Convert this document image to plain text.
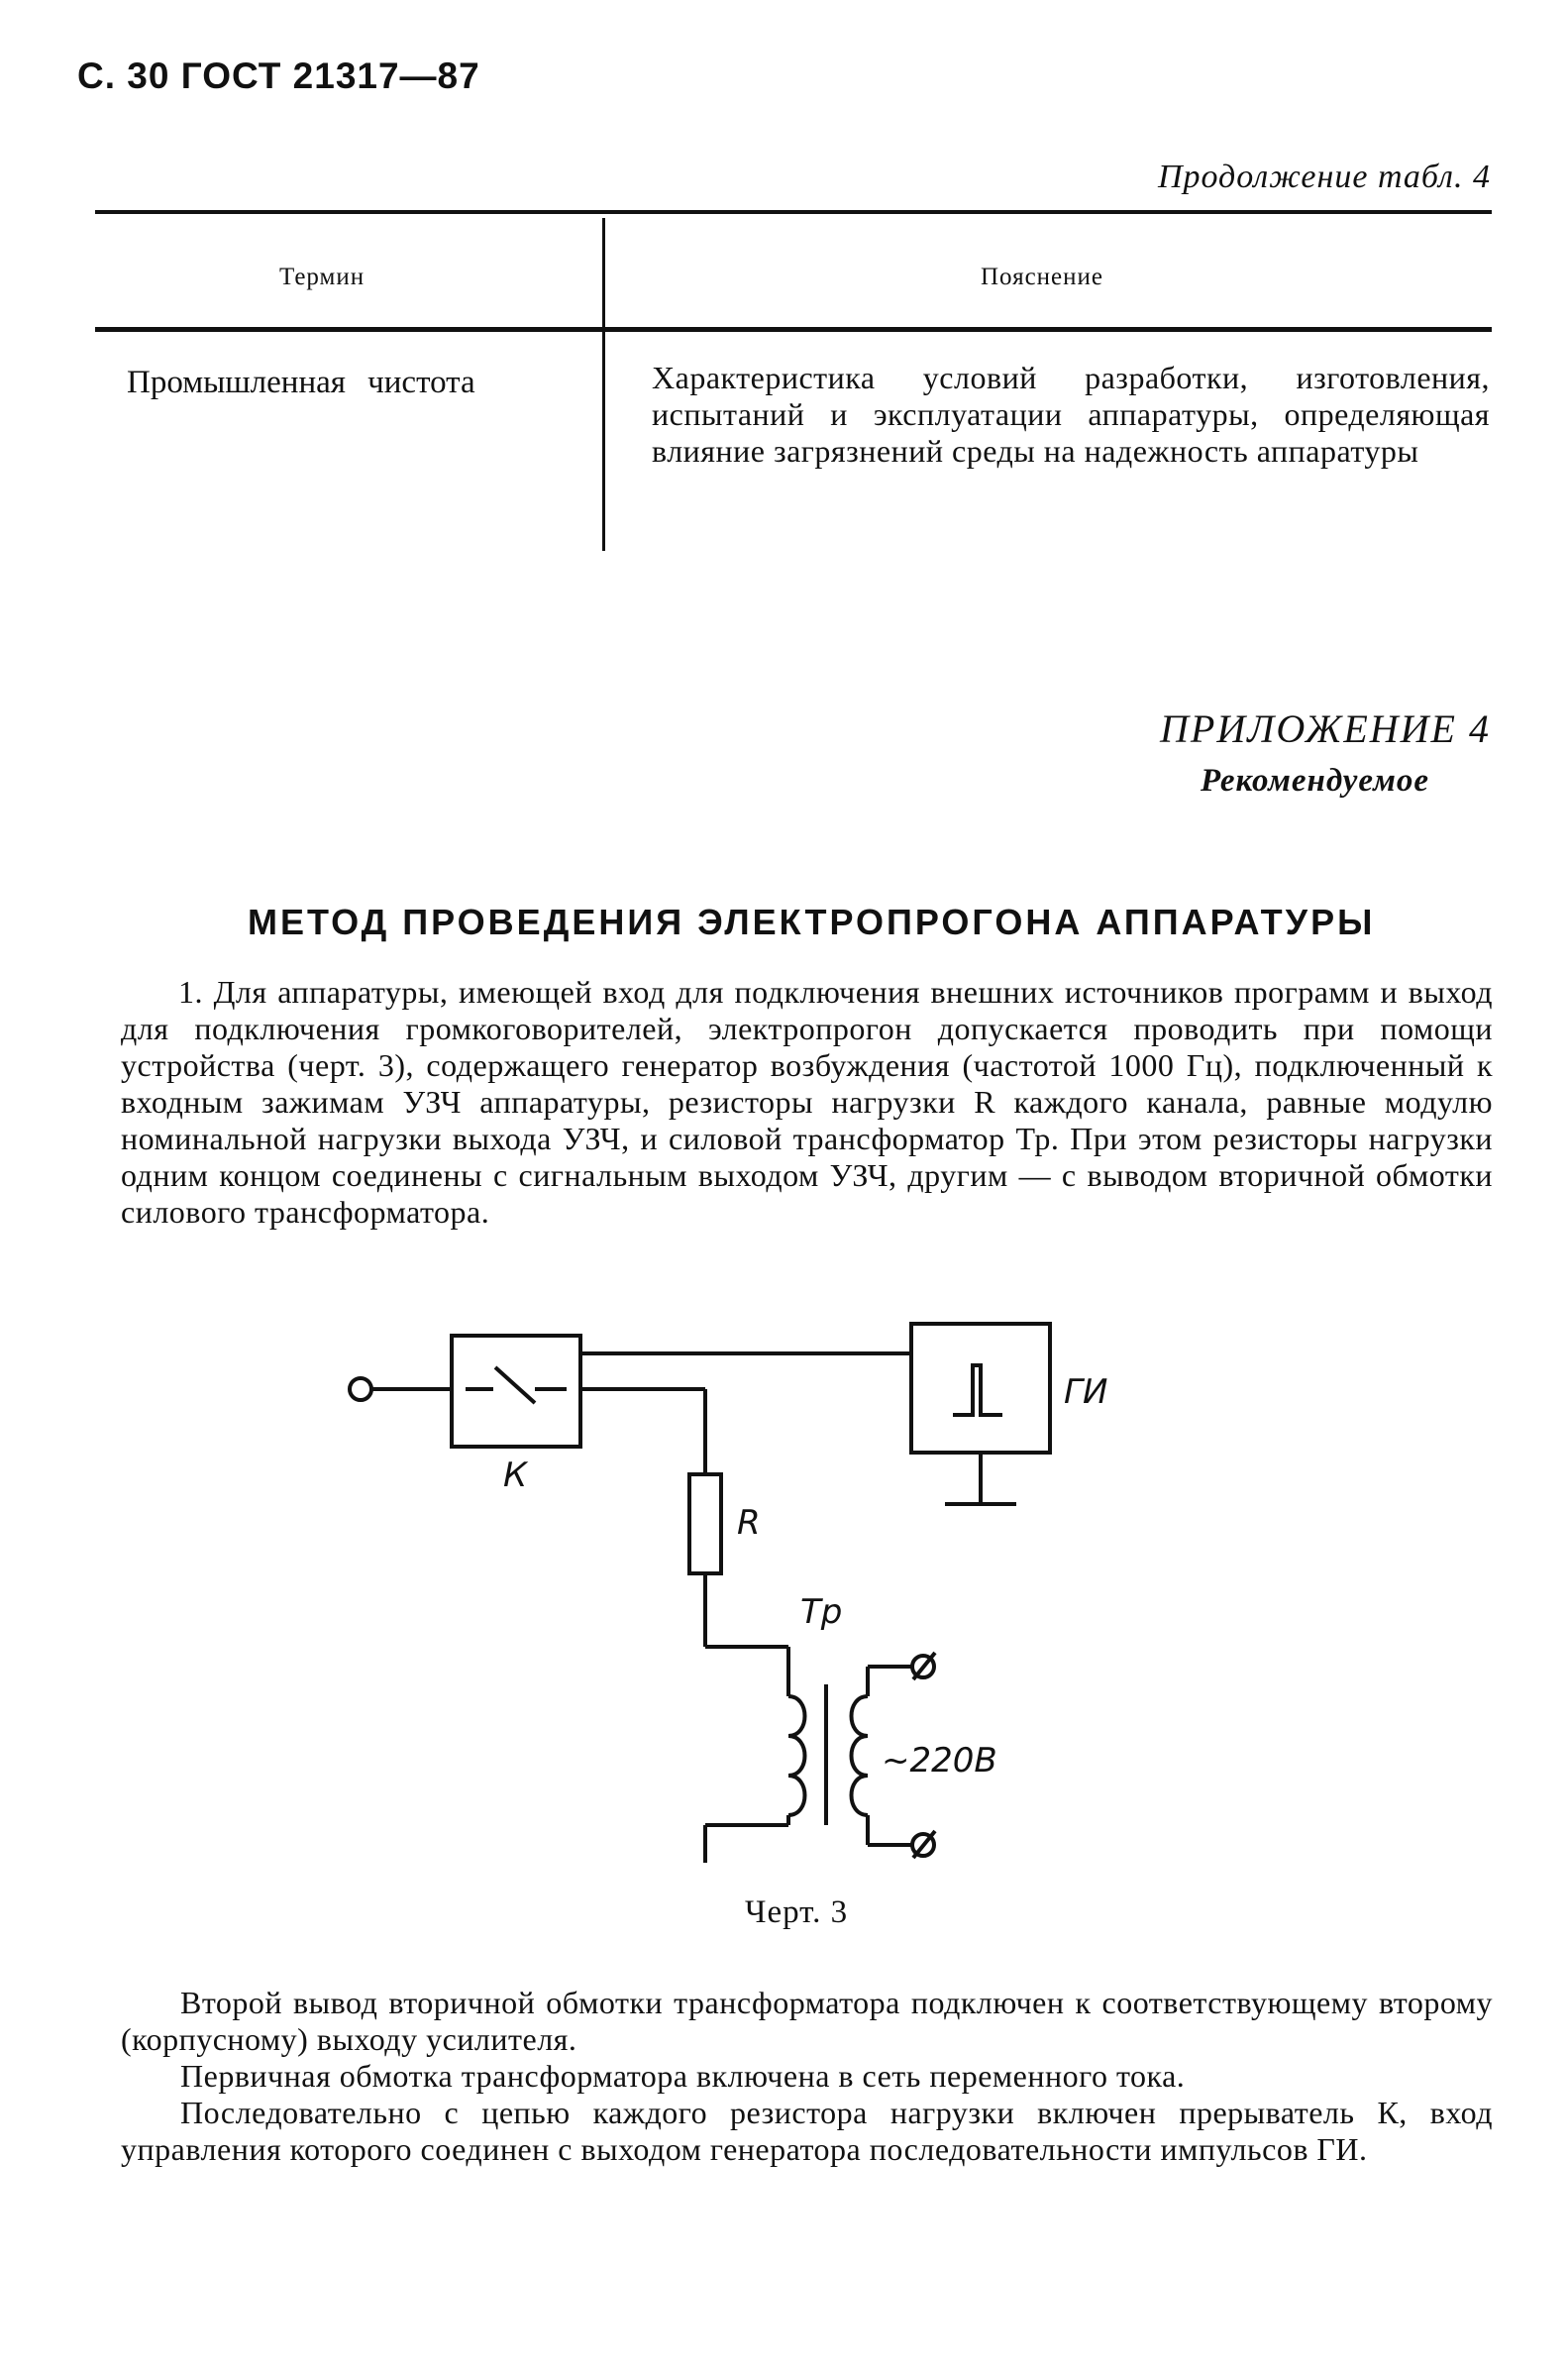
С. 30 ГОСТ 21317—87
Продолжение табл. 4
Термин	Пояснение
Промышленная чистота	Характеристика условий разработки, изготовления, испытаний и эксплуатации аппаратуры, определяющая влияние загрязнений среды на надежность аппаратуры
ПРИЛОЖЕНИЕ 4
Рекомендуемое
МЕТОД ПРОВЕДЕНИЯ ЭЛЕКТРОПРОГОНА АППАРАТУРЫ
1. Для аппаратуры, имеющей вход для подключения внешних источников программ и выход для подключения громкоговорителей, электропрогон допускается проводить при помощи устройства (черт. 3), содержащего генератор возбуждения (частотой 1000 Гц), подключенный к входным зажимам УЗЧ аппаратуры, резисторы нагрузки R каждого канала, равные модулю номинальной нагрузки выхода УЗЧ, и силовой трансформатор Тр. При этом резисторы нагрузки одним концом соединены с сигнальным выходом УЗЧ, другим — с выводом вторичной обмотки силового трансформатора.
К
ГИ
R
Тр
~220В
Черт. 3
Второй вывод вторичной обмотки трансформатора подключен к соответствующему второму (корпусному) выходу усилителя.
Первичная обмотка трансформатора включена в сеть переменного тока.
Последовательно с цепью каждого резистора нагрузки включен прерыватель К, вход управления которого соединен с выходом генератора последовательности импульсов ГИ.
